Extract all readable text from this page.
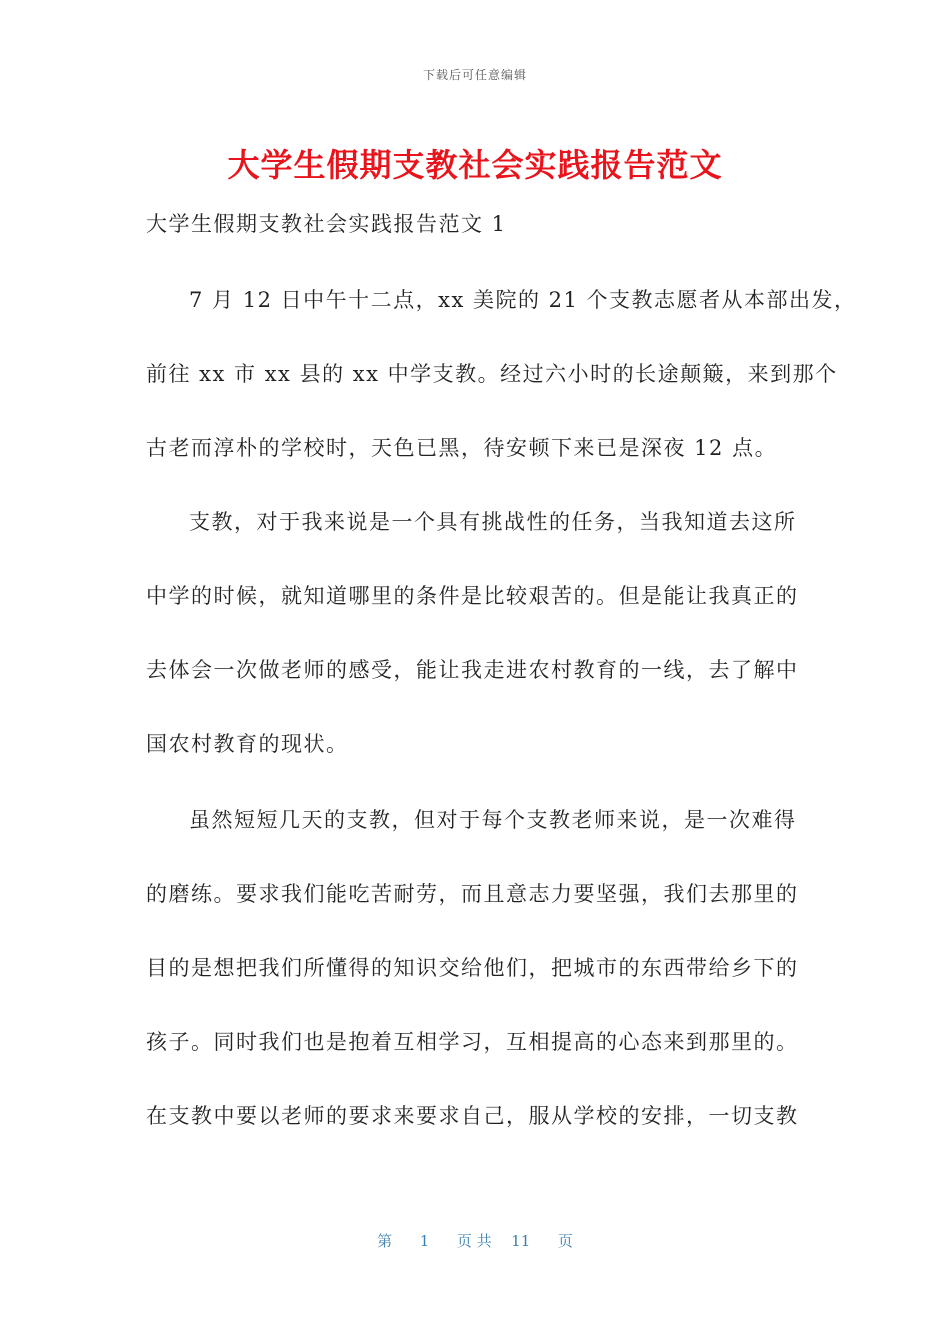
下载后可任意编辑
大学生假期支教社会实践报告范文
大学生假期支教社会实践报告范文 1
7 月 12 日中午十二点，xx 美院的 21 个支教志愿者从本部出发，
前往 xx 市 xx 县的 xx 中学支教。经过六小时的长途颠簸，来到那个
古老而淳朴的学校时，天色已黑，待安顿下来已是深夜 12 点。
支教，对于我来说是一个具有挑战性的任务，当我知道去这所
中学的时候，就知道哪里的条件是比较艰苦的。但是能让我真正的
去体会一次做老师的感受，能让我走进农村教育的一线，去了解中
国农村教育的现状。
虽然短短几天的支教，但对于每个支教老师来说，是一次难得
的磨练。要求我们能吃苦耐劳，而且意志力要坚强，我们去那里的
目的是想把我们所懂得的知识交给他们，把城市的东西带给乡下的
孩子。同时我们也是抱着互相学习，互相提高的心态来到那里的。
在支教中要以老师的要求来要求自己，服从学校的安排，一切支教
第 1 页 共 11 页
